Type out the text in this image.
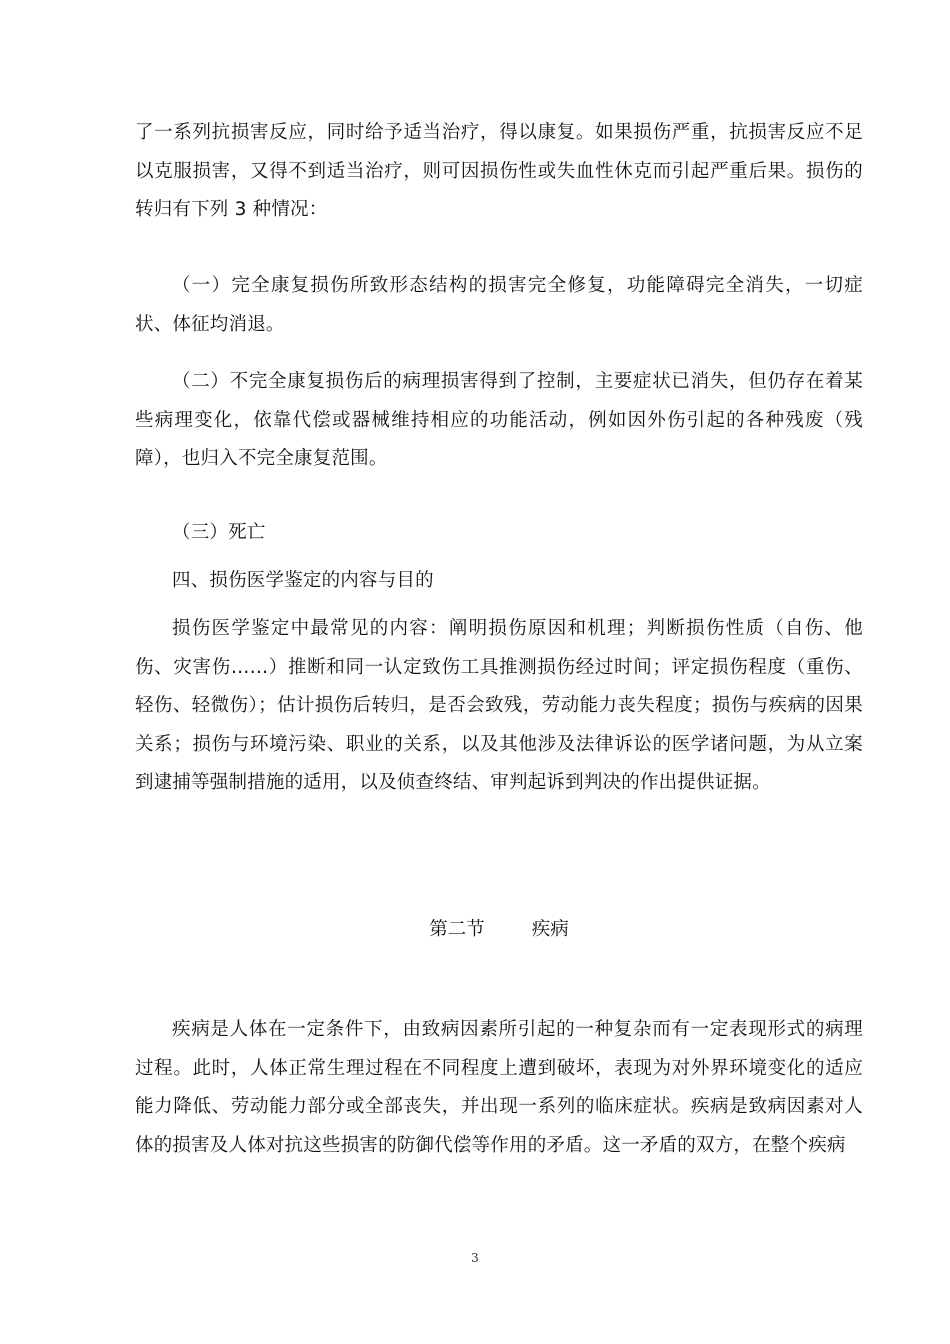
了一系列抗损害反应，同时给予适当治疗，得以康复。如果损伤严重，抗损害反应不足以克服损害，又得不到适当治疗，则可因损伤性或失血性休克而引起严重后果。损伤的转归有下列 3 种情况：

（一）完全康复损伤所致形态结构的损害完全修复，功能障碍完全消失，一切症状、体征均消退。

（二）不完全康复损伤后的病理损害得到了控制，主要症状已消失，但仍存在着某些病理变化，依靠代偿或器械维持相应的功能活动，例如因外伤引起的各种残废（残障），也归入不完全康复范围。

（三）死亡

四、损伤医学鉴定的内容与目的

损伤医学鉴定中最常见的内容：阐明损伤原因和机理；判断损伤性质（自伤、他伤、灾害伤……）推断和同一认定致伤工具推测损伤经过时间；评定损伤程度（重伤、轻伤、轻微伤）；估计损伤后转归，是否会致残，劳动能力丧失程度；损伤与疾病的因果关系；损伤与环境污染、职业的关系，以及其他涉及法律诉讼的医学诸问题，为从立案到逮捕等强制措施的适用，以及侦查终结、审判起诉到判决的作出提供证据。

第二节        疾病

疾病是人体在一定条件下，由致病因素所引起的一种复杂而有一定表现形式的病理过程。此时，人体正常生理过程在不同程度上遭到破坏，表现为对外界环境变化的适应能力降低、劳动能力部分或全部丧失，并出现一系列的临床症状。疾病是致病因素对人体的损害及人体对抗这些损害的防御代偿等作用的矛盾。这一矛盾的双方，在整个疾病

3
